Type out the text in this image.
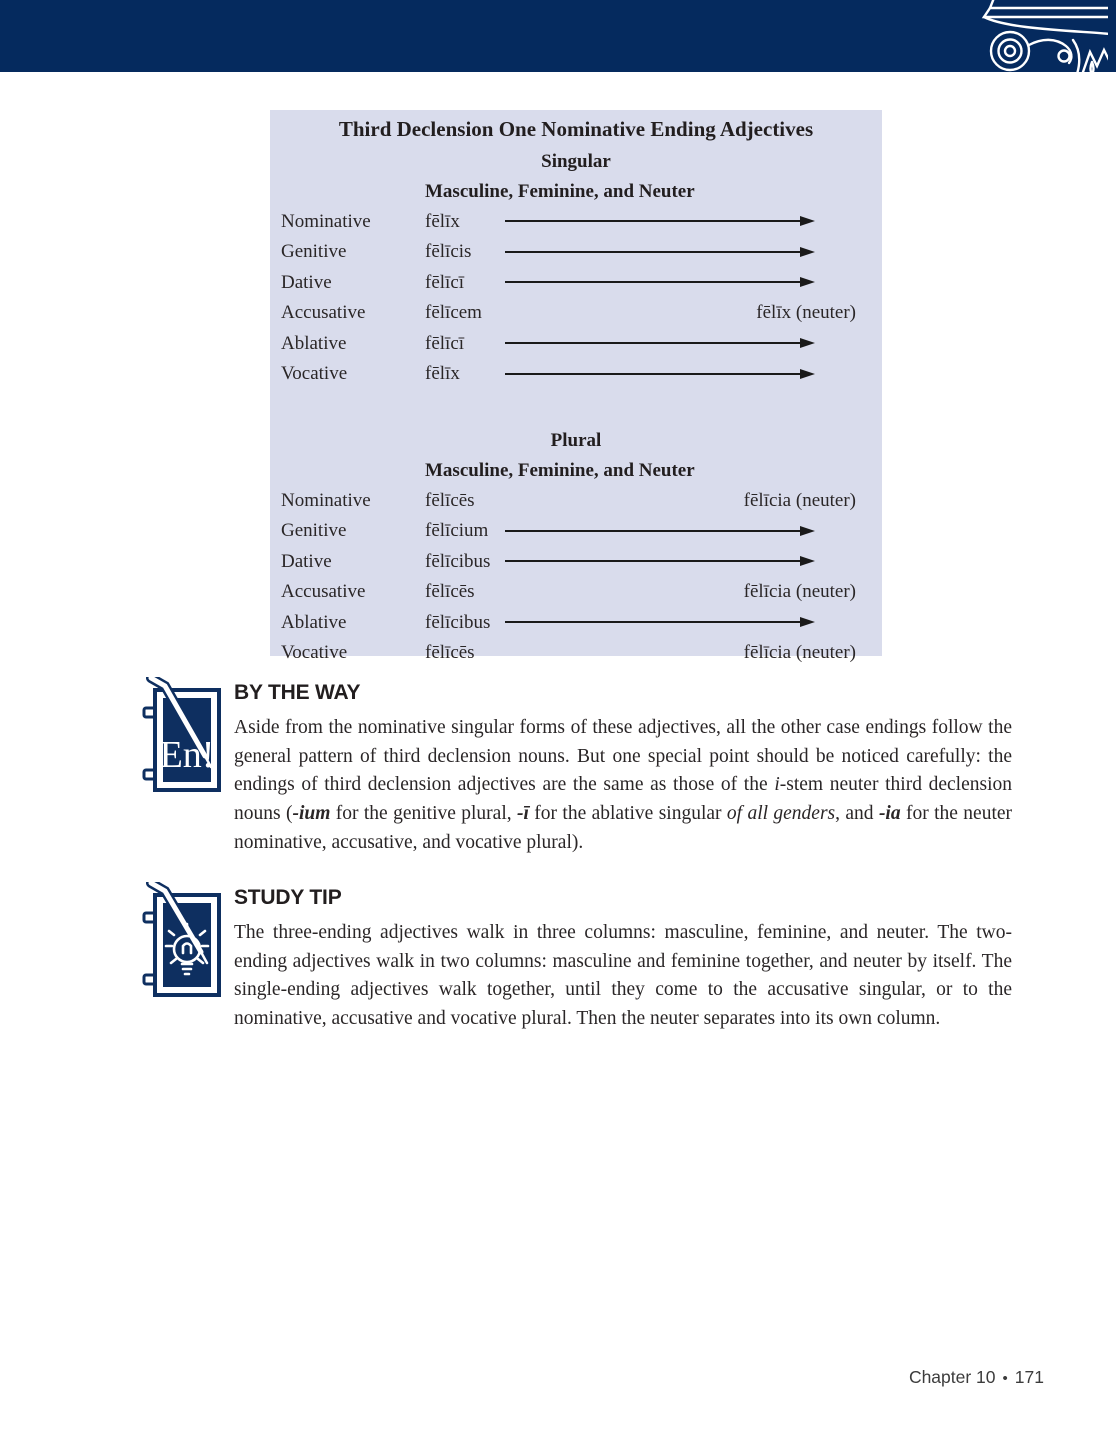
Third Declension One Nominative Ending Adjectives
Singular
Masculine, Feminine, and Neuter
Nominative	fēlīx
Genitive	fēlīcis
Dative	fēlīcī
Accusative	fēlīcem	fēlīx (neuter)
Ablative	fēlīcī
Vocative	fēlīx
Plural
Masculine, Feminine, and Neuter
Nominative	fēlīcēs	fēlīcia (neuter)
Genitive	fēlīcium
Dative	fēlīcibus
Accusative	fēlīcēs	fēlīcia (neuter)
Ablative	fēlīcibus
Vocative	fēlīcēs	fēlīcia (neuter)
En!
BY THE WAY
Aside from the nominative singular forms of these adjectives, all the other case endings follow the general pattern of third declension nouns. But one special point should be noticed carefully: the endings of third declension adjectives are the same as those of the i-stem neuter third declension nouns (-ium for the genitive plural, -ī for the ablative singular of all genders, and -ia for the neuter nominative, accusative, and vocative plural).
STUDY TIP
The three-ending adjectives walk in three columns: masculine, feminine, and neuter. The two-ending adjectives walk in two columns: masculine and feminine together, and neuter by itself. The single-ending adjectives walk together, until they come to the accusative singular, or to the nominative, accusative and vocative plural. Then the neuter separates into its own column.
Chapter 10 • 171
